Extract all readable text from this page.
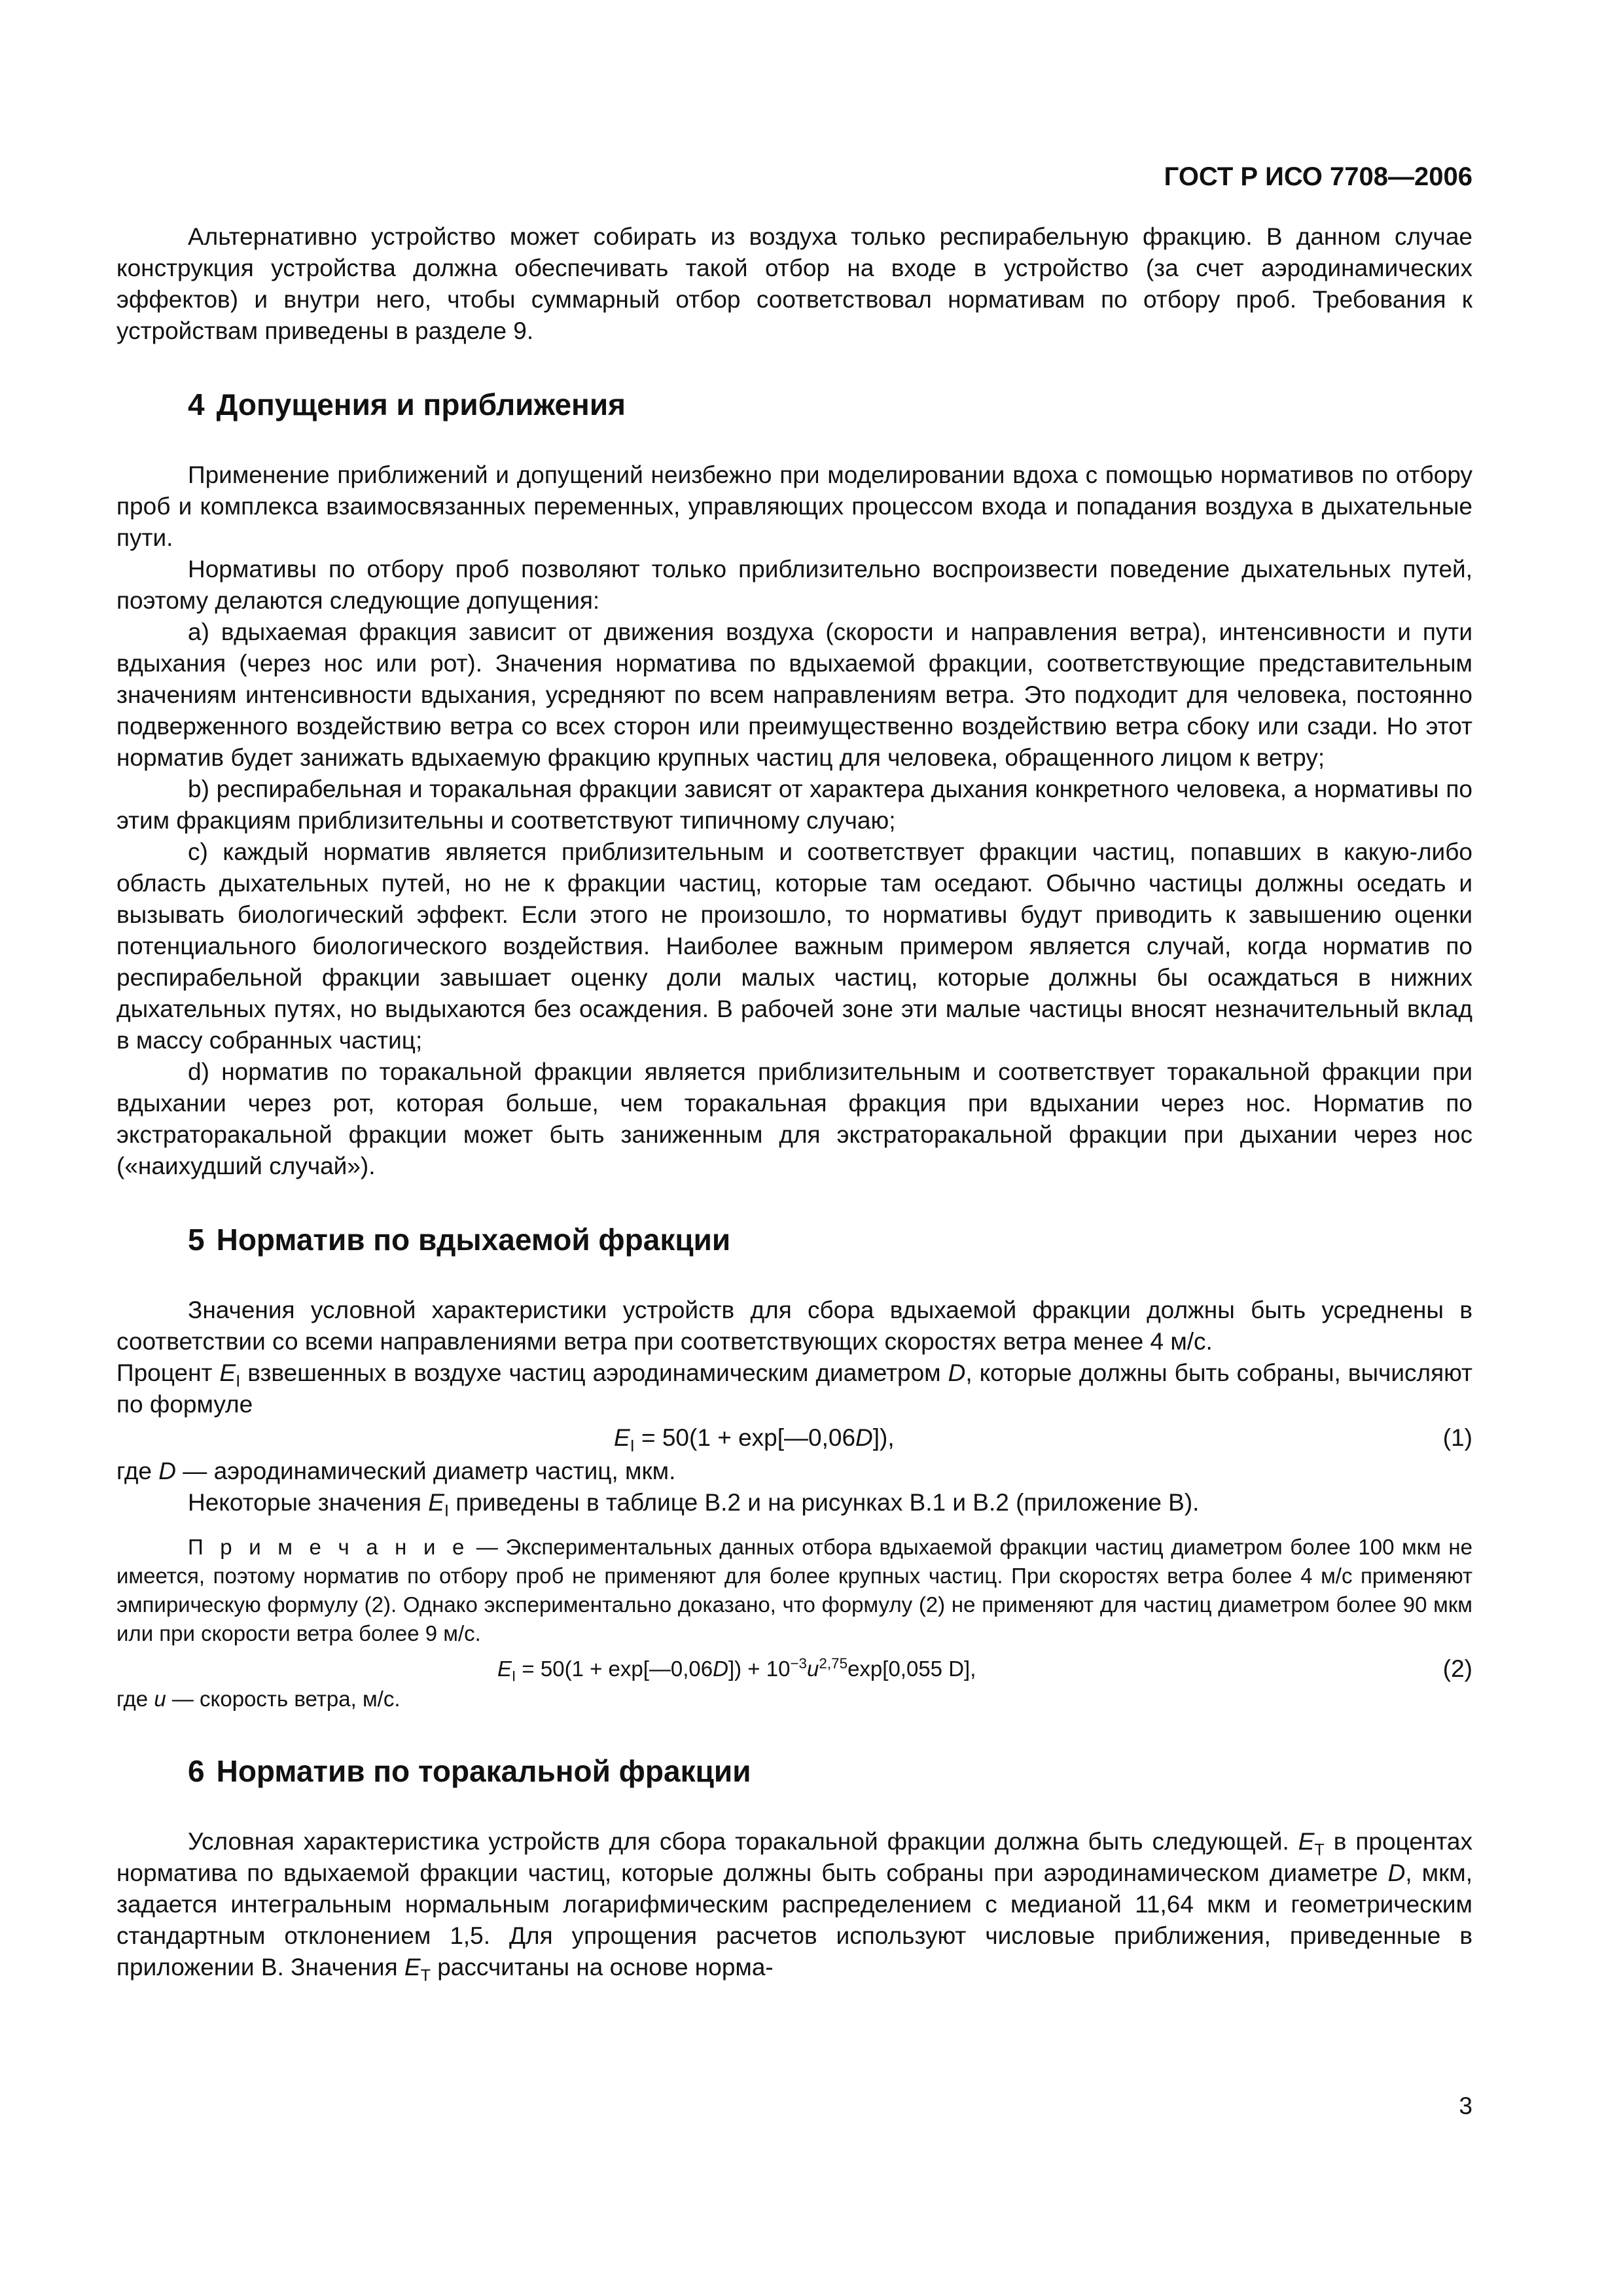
ГОСТ Р ИСО 7708—2006

Альтернативно устройство может собирать из воздуха только респирабельную фракцию. В данном случае конструкция устройства должна обеспечивать такой отбор на входе в устройство (за счет аэродинамических эффектов) и внутри него, чтобы суммарный отбор соответствовал нормативам по отбору проб. Требования к устройствам приведены в разделе 9.

4 Допущения и приближения

Применение приближений и допущений неизбежно при моделировании вдоха с помощью нормативов по отбору проб и комплекса взаимосвязанных переменных, управляющих процессом входа и попадания воздуха в дыхательные пути.

Нормативы по отбору проб позволяют только приблизительно воспроизвести поведение дыхательных путей, поэтому делаются следующие допущения:

a) вдыхаемая фракция зависит от движения воздуха (скорости и направления ветра), интенсивности и пути вдыхания (через нос или рот). Значения норматива по вдыхаемой фракции, соответствующие представительным значениям интенсивности вдыхания, усредняют по всем направлениям ветра. Это подходит для человека, постоянно подверженного воздействию ветра со всех сторон или преимущественно воздействию ветра сбоку или сзади. Но этот норматив будет занижать вдыхаемую фракцию крупных частиц для человека, обращенного лицом к ветру;

b) респирабельная и торакальная фракции зависят от характера дыхания конкретного человека, а нормативы по этим фракциям приблизительны и соответствуют типичному случаю;

c) каждый норматив является приблизительным и соответствует фракции частиц, попавших в какую-либо область дыхательных путей, но не к фракции частиц, которые там оседают. Обычно частицы должны оседать и вызывать биологический эффект. Если этого не произошло, то нормативы будут приводить к завышению оценки потенциального биологического воздействия. Наиболее важным примером является случай, когда норматив по респирабельной фракции завышает оценку доли малых частиц, которые должны бы осаждаться в нижних дыхательных путях, но выдыхаются без осаждения. В рабочей зоне эти малые частицы вносят незначительный вклад в массу собранных частиц;

d) норматив по торакальной фракции является приблизительным и соответствует торакальной фракции при вдыхании через рот, которая больше, чем торакальная фракция при вдыхании через нос. Норматив по экстраторакальной фракции может быть заниженным для экстраторакальной фракции при дыхании через нос («наихудший случай»).

5 Норматив по вдыхаемой фракции

Значения условной характеристики устройств для сбора вдыхаемой фракции должны быть усреднены в соответствии со всеми направлениями ветра при соответствующих скоростях ветра менее 4 м/с.

Процент $E_I$ взвешенных в воздухе частиц аэродинамическим диаметром D, которые должны быть собраны, вычисляют по формуле

$E_I = 50(1$ + exp[—0,06D]),	(1)

где D — аэродинамический диаметр частиц, мкм.

Некоторые значения $E_I$ приведены в таблице В.2 и на рисунках В.1 и В.2 (приложение В).

П р и м е ч а н и е — Экспериментальных данных отбора вдыхаемой фракции частиц диаметром более 100 мкм не имеется, поэтому норматив по отбору проб не применяют для более крупных частиц. При скоростях ветра более 4 м/с применяют эмпирическую формулу (2). Однако экспериментально доказано, что формулу (2) не применяют для частиц диаметром более 90 мкм или при скорости ветра более 9 м/с.

$E_I = 50(1$ + exp[—0,06D]) + $10^{-3}u^{2,75}\exp[0,055$ D],	(2)

где u — скорость ветра, м/с.

6 Норматив по торакальной фракции

Условная характеристика устройств для сбора торакальной фракции должна быть следующей. $E_T$ в процентах норматива по вдыхаемой фракции частиц, которые должны быть собраны при аэродинамическом диаметре D, мкм, задается интегральным нормальным логарифмическим распределением с медианой 11,64 мкм и геометрическим стандартным отклонением 1,5. Для упрощения расчетов используют числовые приближения, приведенные в приложении В. Значения $E_T$ рассчитаны на основе норма-

3
